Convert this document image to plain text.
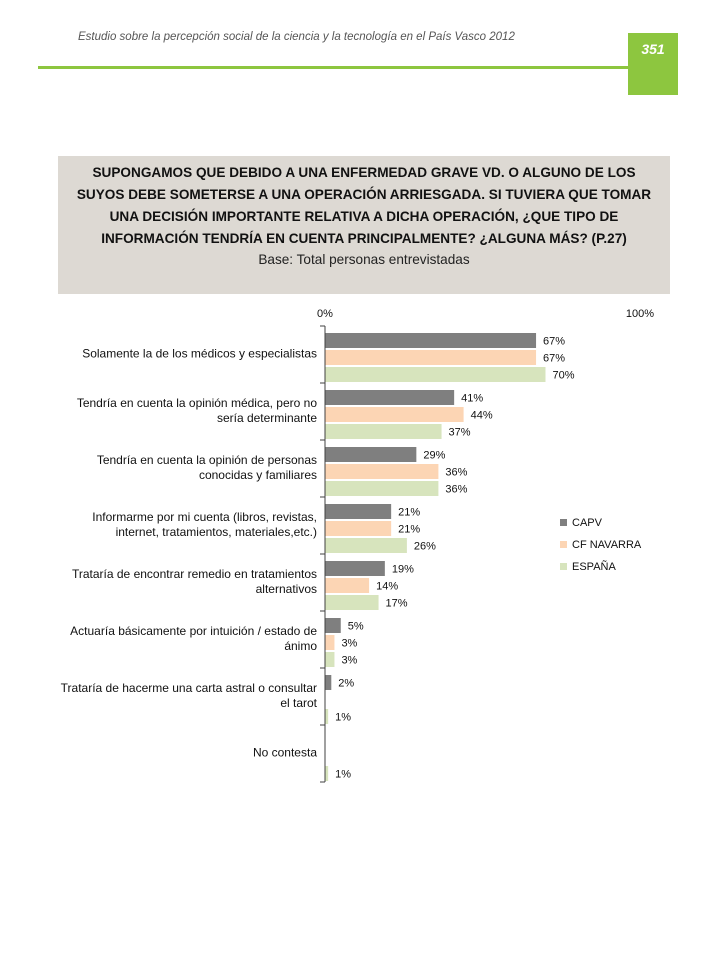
Estudio sobre la percepción social de la ciencia y la tecnología en el País Vasco 2012
351

SUPONGAMOS QUE DEBIDO A UNA ENFERMEDAD GRAVE VD. O ALGUNO DE LOS SUYOS DEBE SOMETERSE A UNA OPERACIÓN ARRIESGADA. SI TUVIERA QUE TOMAR UNA DECISIÓN IMPORTANTE RELATIVA A DICHA OPERACIÓN, ¿QUE TIPO DE INFORMACIÓN TENDRÍA EN CUENTA PRINCIPALMENTE? ¿ALGUNA MÁS? (P.27)

Base: Total personas entrevistadas

0%	100%
67%
41%
29%
21%
19%
5%
2%
67%
44%
36%
21%
14%
3%
70%
37%
36%
26%
17%
3%
1%
1%
Solamente la de los médicos y especialistas
Tendría en cuenta la opinión médica, pero no
sería determinante
Tendría en cuenta la opinión de personas
conocidas y familiares
Informarme por mi cuenta (libros, revistas,
internet, tratamientos, materiales,etc.)
Trataría de encontrar remedio en tratamientos
alternativos
Actuaría básicamente por intuición / estado de
ánimo
Trataría de hacerme una carta astral o consultar
el tarot
No contesta
CAPV
CF NAVARRA
ESPAÑA
